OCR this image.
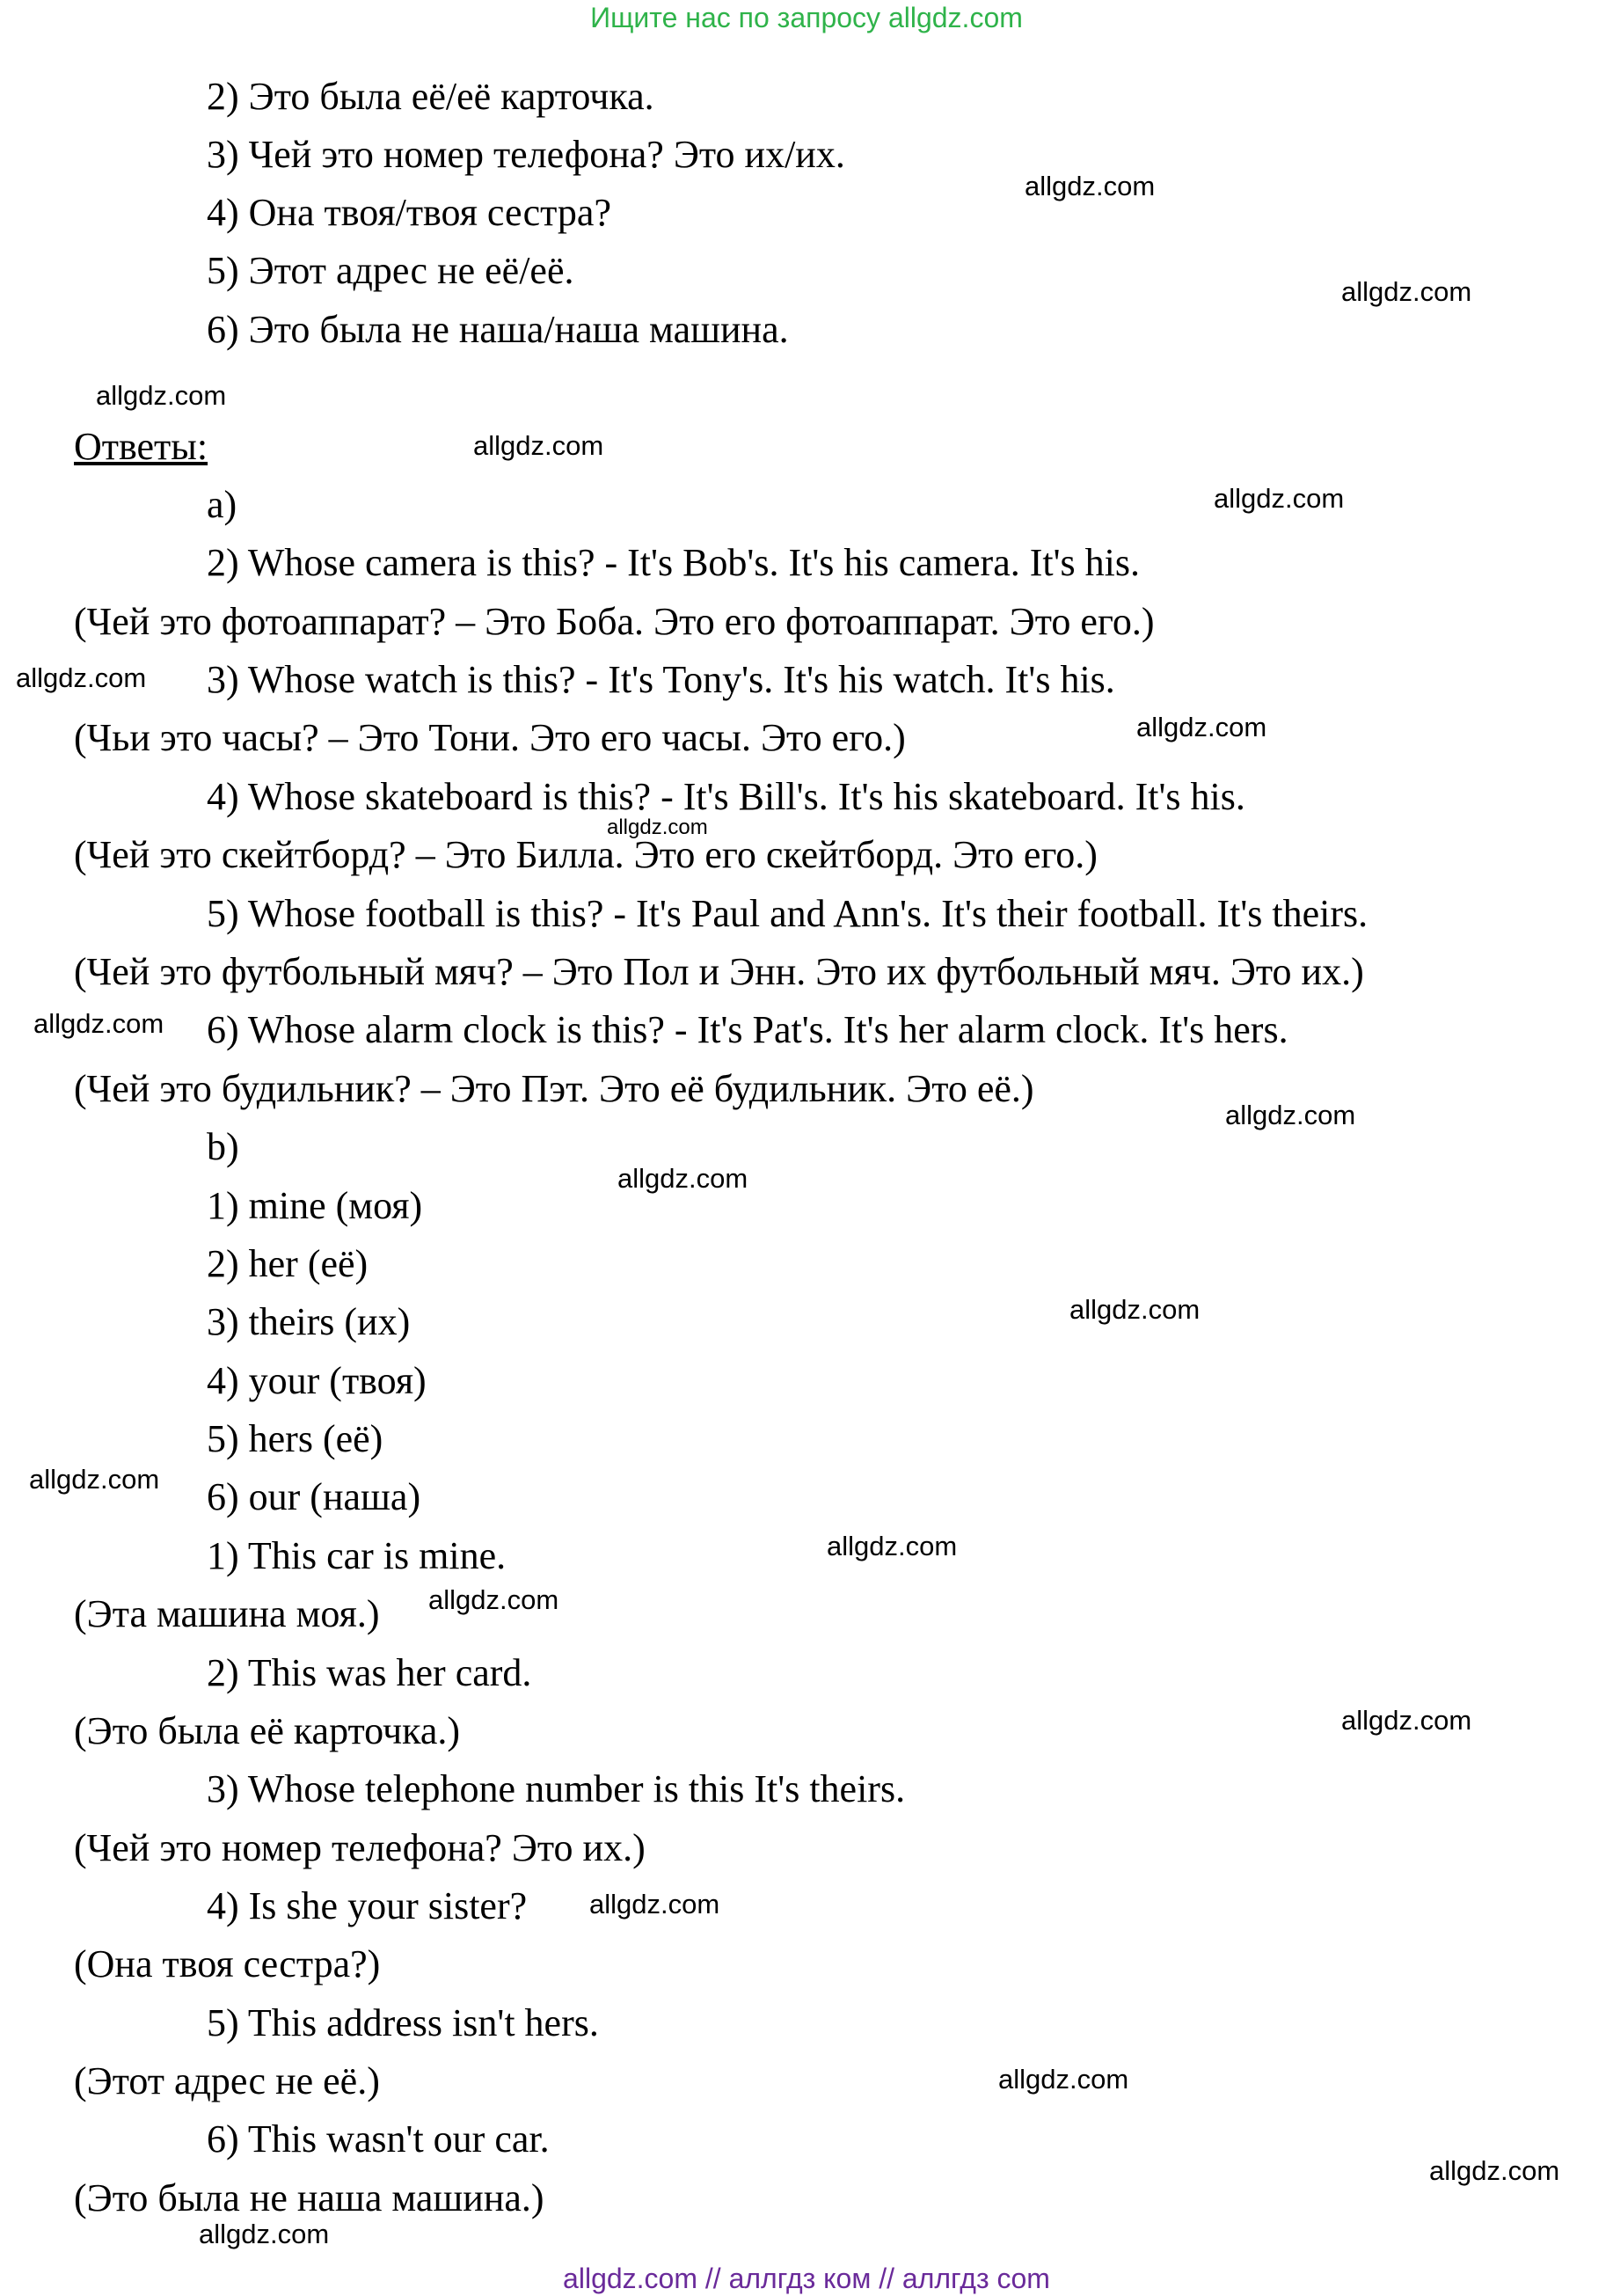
Ищите нас по запросу allgdz.com

2) Это была её/её карточка.

3) Чей это номер телефона? Это их/их.

4) Она твоя/твоя сестра?

5) Этот адрес не её/её.

6) Это была не наша/наша машина.

Ответы:

a)

2) Whose camera is this? - It's Bob's. It's his camera. It's his.

(Чей это фотоаппарат? – Это Боба. Это его фотоаппарат. Это его.)

3) Whose watch is this? - It's Tony's. It's his watch. It's his.

(Чьи это часы? – Это Тони. Это его часы. Это его.)

4) Whose skateboard is this? - It's Bill's. It's his skateboard. It's his.

(Чей это скейтборд? – Это Билла. Это его скейтборд. Это его.)

5) Whose football is this? - It's Paul and Ann's. It's their football. It's theirs.

(Чей это футбольный мяч? – Это Пол и Энн. Это их футбольный мяч. Это их.)

6) Whose alarm clock is this? - It's Pat's. It's her alarm clock. It's hers.

(Чей это будильник? – Это Пэт. Это её будильник. Это её.)

b)

1) mine (моя)

2) her (её)

3) theirs (их)

4) your (твоя)

5) hers (её)

6) our (наша)

1) This car is mine.

(Эта машина моя.)

2) This was her card.

(Это была её карточка.)

3) Whose telephone number is this It's theirs.

(Чей это номер телефона? Это их.)

4) Is she your sister?

(Она твоя сестра?)

5) This address isn't hers.

(Этот адрес не её.)

6) This wasn't our car.

(Это была не наша машина.)

allgdz.com
allgdz.com
allgdz.com
allgdz.com
allgdz.com
allgdz.com
allgdz.com
allgdz.com
allgdz.com
allgdz.com
allgdz.com
allgdz.com
allgdz.com
allgdz.com
allgdz.com
allgdz.com
allgdz.com
allgdz.com
allgdz.com
allgdz.com
allgdz.com // аллгдз ком // аллгдз com
